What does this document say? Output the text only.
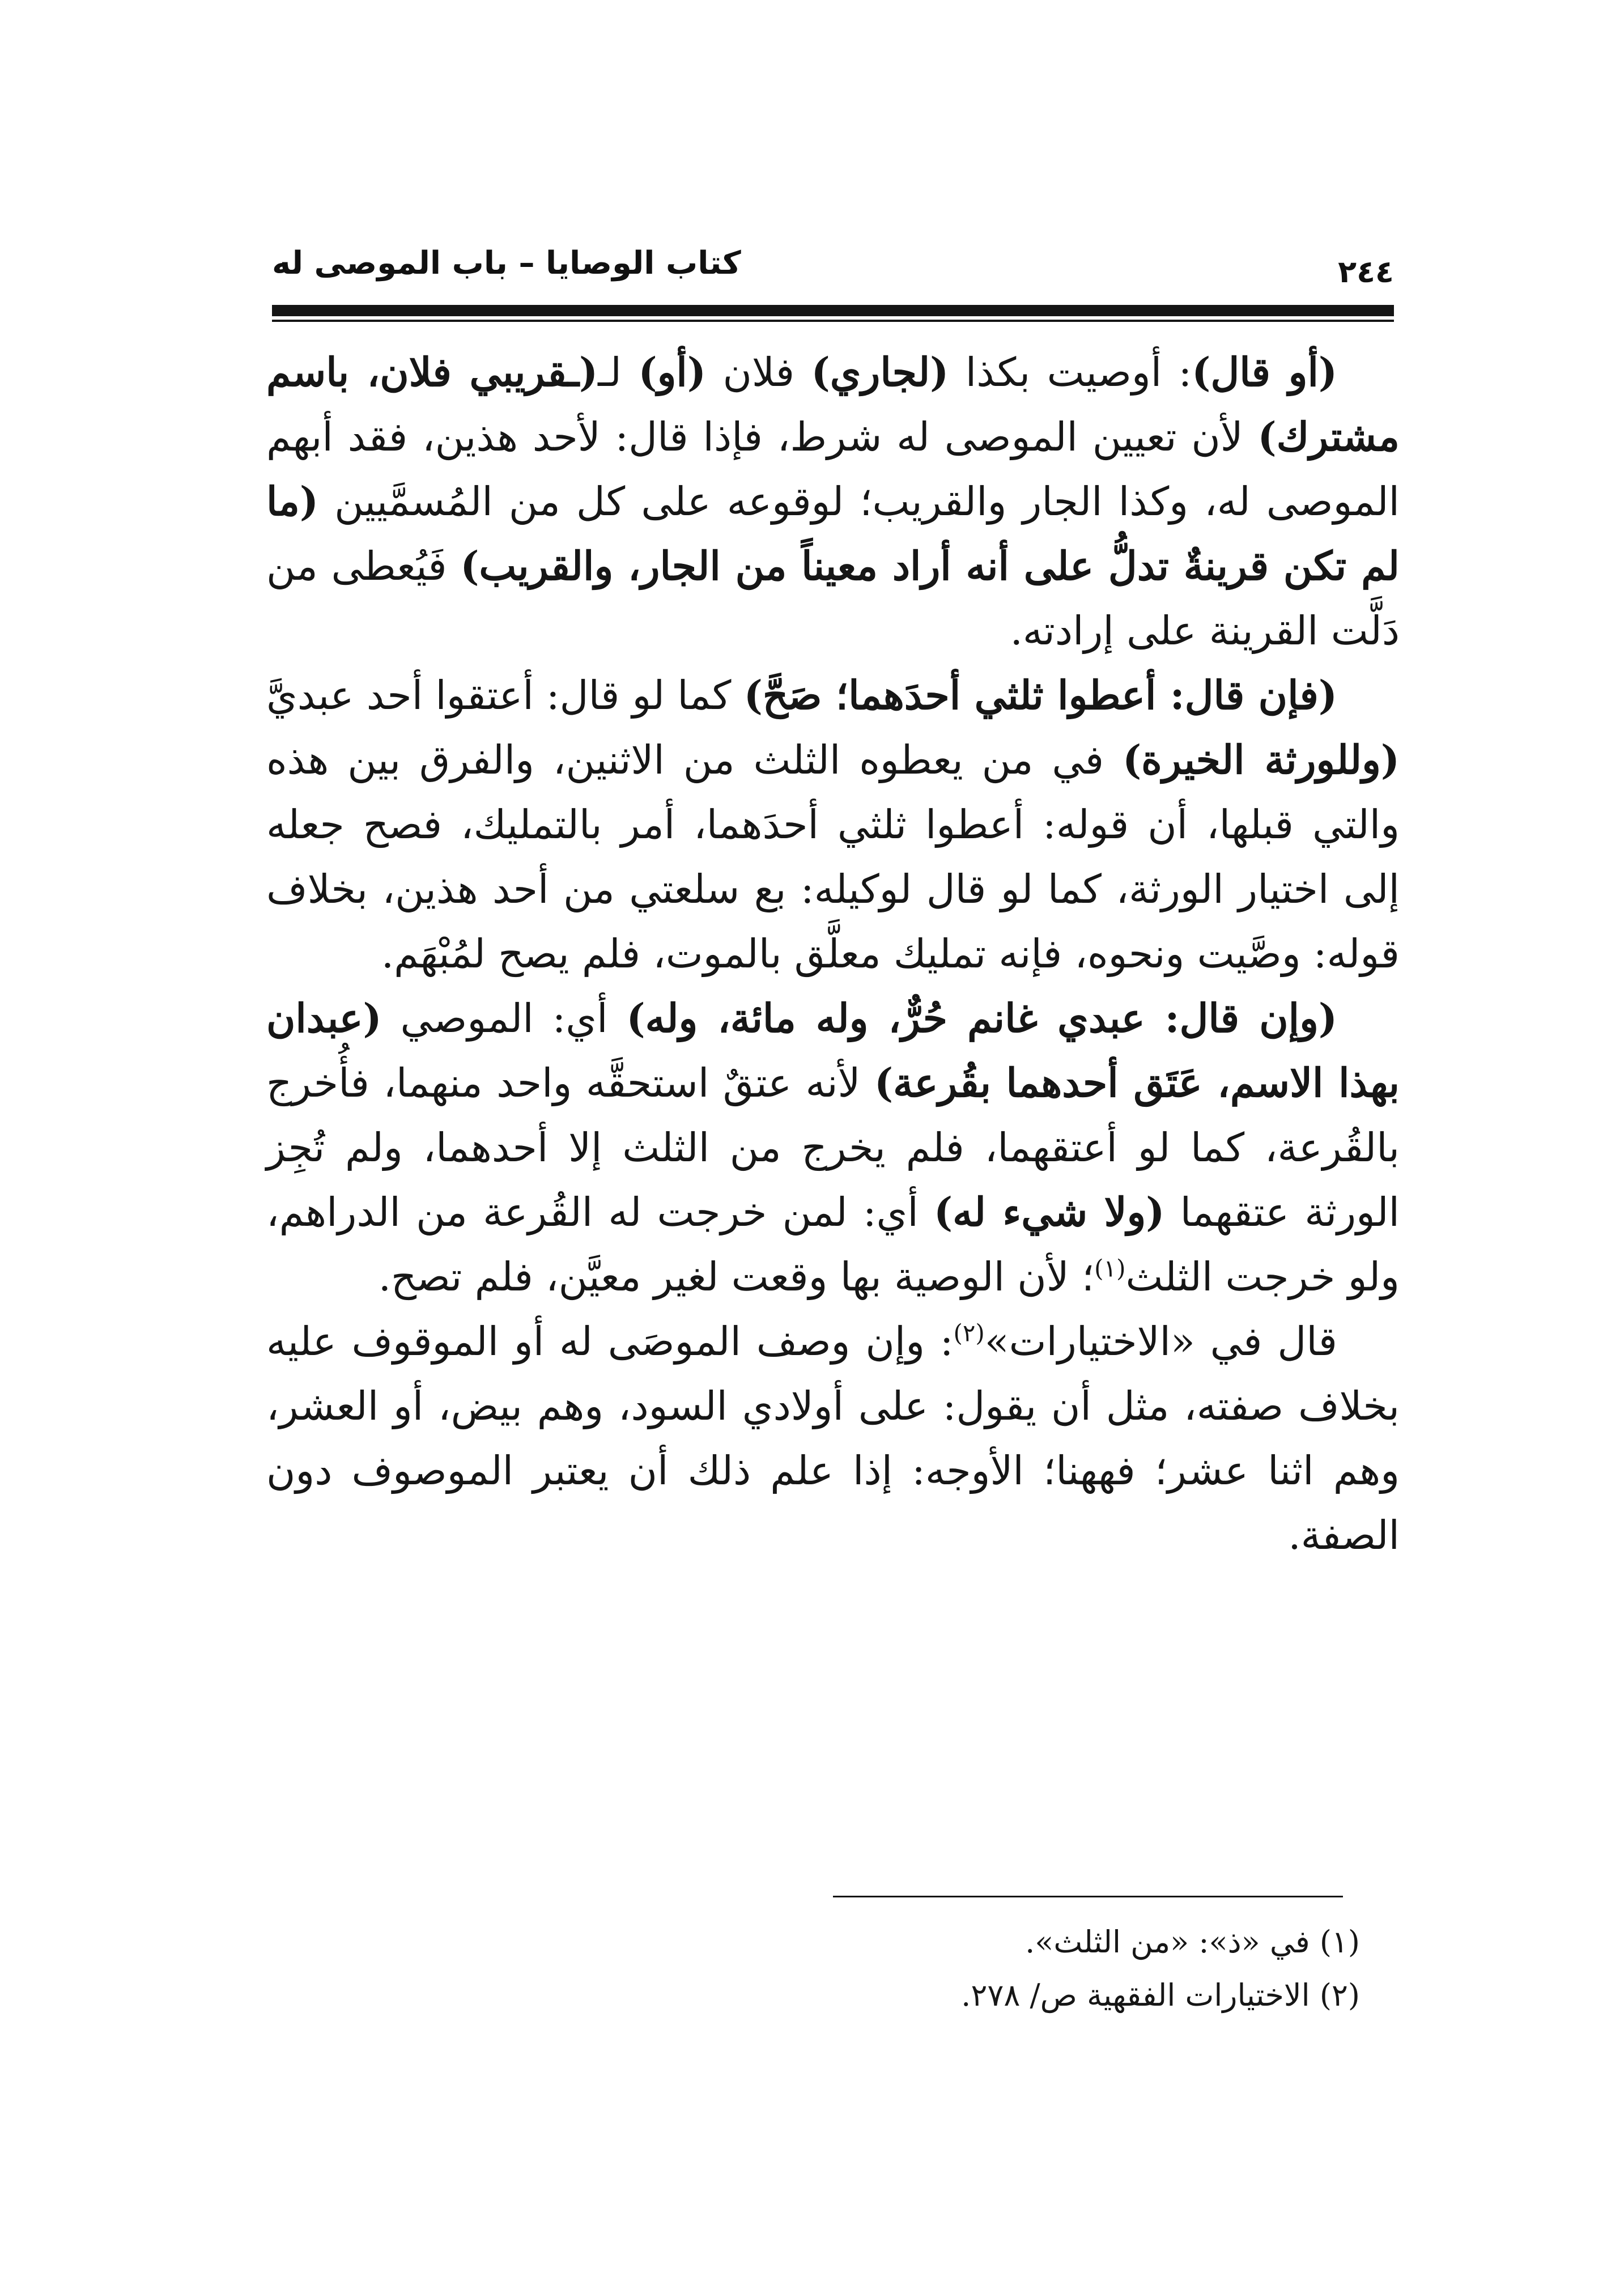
كتاب الوصايا – باب الموصى له	٢٤٤

(أو قال): أوصيت بكذا (لجاري) فلان (أو) لـ(ـقريبي فلان، باسم مشترك) لأن تعيين الموصى له شرط، فإذا قال: لأحد هذين، فقد أبهم الموصى له، وكذا الجار والقريب؛ لوقوعه على كل من المُسمَّيين (ما لم تكن قرينةٌ تدلُّ على أنه أراد معيناً من الجار، والقريب) فَيُعطى من دَلَّت القرينة على إرادته.

(فإن قال: أعطوا ثلثي أحدَهما؛ صَحَّ) كما لو قال: أعتقوا أحد عبديَّ (وللورثة الخيرة) في من يعطوه الثلث من الاثنين، والفرق بين هذه والتي قبلها، أن قوله: أعطوا ثلثي أحدَهما، أمر بالتمليك، فصح جعله إلى اختيار الورثة، كما لو قال لوكيله: بع سلعتي من أحد هذين، بخلاف قوله: وصَّيت ونحوه، فإنه تمليك معلَّق بالموت، فلم يصح لمُبْهَم.

(وإن قال: عبدي غانم حُرٌّ، وله مائة، وله) أي: الموصي (عبدان بهذا الاسم، عَتَق أحدهما بقُرعة) لأنه عتقٌ استحقَّه واحد منهما، فأُخرج بالقُرعة، كما لو أعتقهما، فلم يخرج من الثلث إلا أحدهما، ولم تُجِز الورثة عتقهما (ولا شيء له) أي: لمن خرجت له القُرعة من الدراهم، ولو خرجت الثلث$^{(١)}$؛ لأن الوصية بها وقعت لغير معيَّن، فلم تصح.

قال في «الاختيارات»$^{(٢)}$: وإن وصف الموصَى له أو الموقوف عليه بخلاف صفته، مثل أن يقول: على أولادي السود، وهم بيض، أو العشر، وهم اثنا عشر؛ فههنا؛ الأوجه: إذا علم ذلك أن يعتبر الموصوف دون الصفة.

(١) في «ذ»: «من الثلث».

(٢) الاختيارات الفقهية ص/ ٢٧٨.
